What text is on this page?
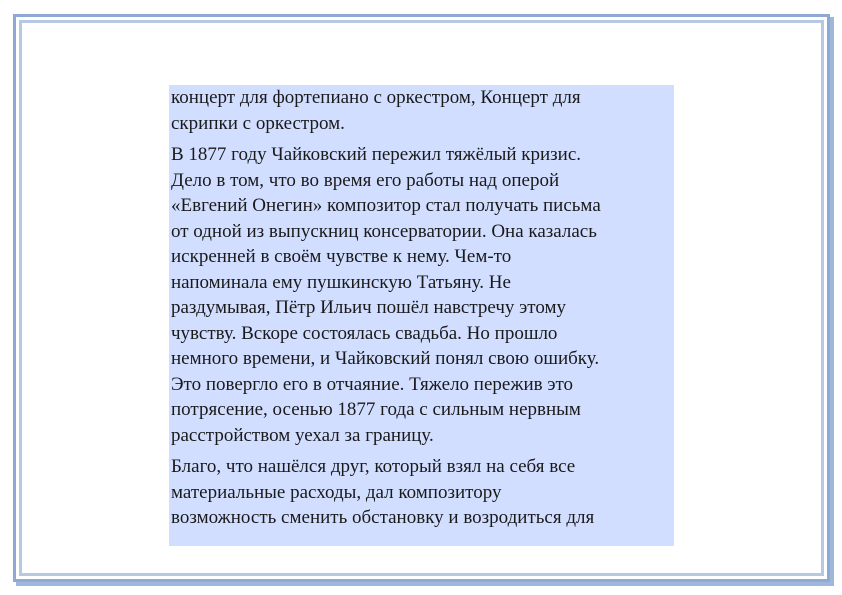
концерт для фортепиано с оркестром, Концерт для
скрипки с оркестром.

В 1877 году Чайковский пережил тяжёлый кризис.
Дело в том, что во время его работы над оперой
«Евгений Онегин» композитор стал получать письма
от одной из выпускниц консерватории. Она казалась
искренней в своём чувстве к нему. Чем-то
напоминала ему пушкинскую Татьяну. Не
раздумывая, Пётр Ильич пошёл навстречу этому
чувству. Вскоре состоялась свадьба. Но прошло
немного времени, и Чайковский понял свою ошибку.
Это повергло его в отчаяние. Тяжело пережив это
потрясение, осенью 1877 года с сильным нервным
расстройством уехал за границу.

Благо, что нашёлся друг, который взял на себя все
материальные расходы, дал композитору
возможность сменить обстановку и возродиться для
